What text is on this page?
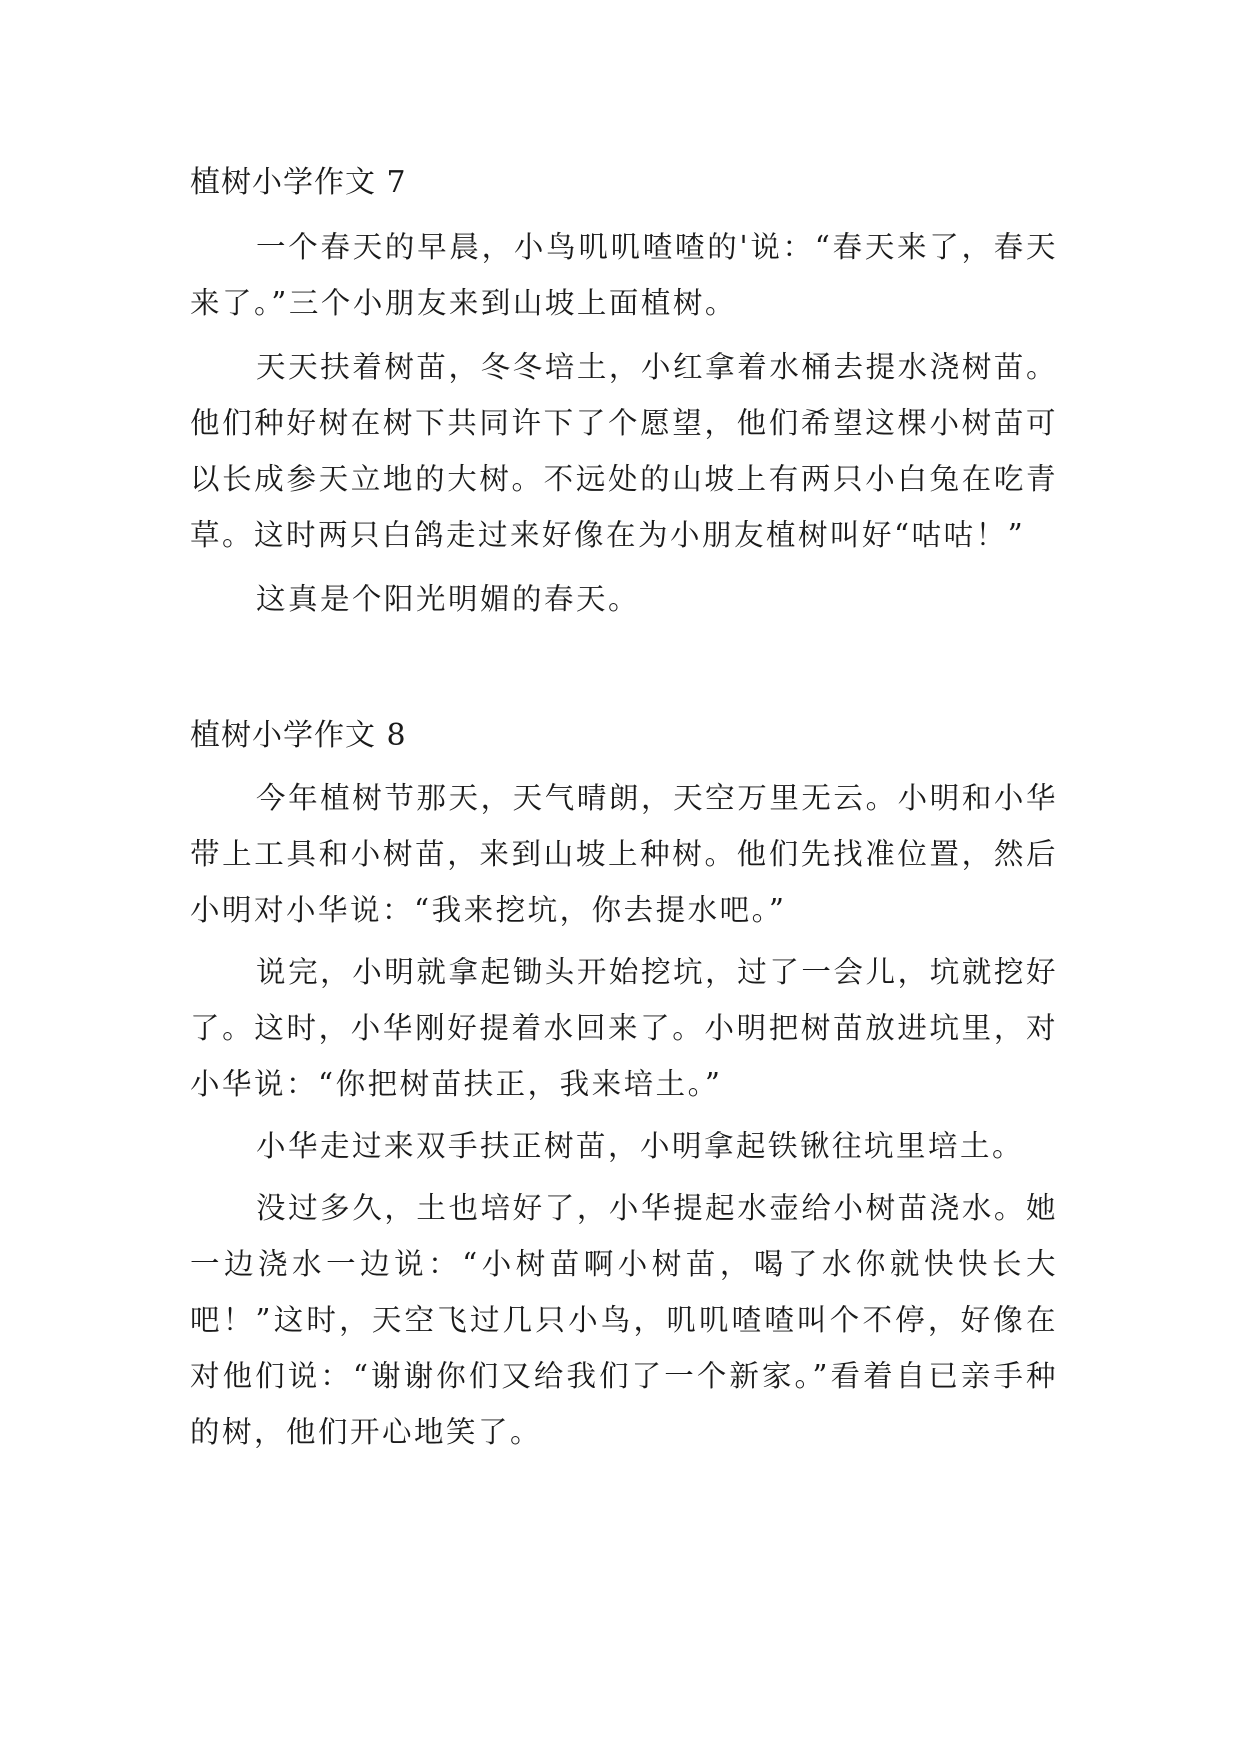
植树小学作文 7

一个春天的早晨，小鸟叽叽喳喳的'说：“春天来了，春天来了。”三个小朋友来到山坡上面植树。

天天扶着树苗，冬冬培土，小红拿着水桶去提水浇树苗。他们种好树在树下共同许下了个愿望，他们希望这棵小树苗可以长成参天立地的大树。不远处的山坡上有两只小白兔在吃青草。这时两只白鸽走过来好像在为小朋友植树叫好“咕咕！”

这真是个阳光明媚的春天。

植树小学作文 8

今年植树节那天，天气晴朗，天空万里无云。小明和小华带上工具和小树苗，来到山坡上种树。他们先找准位置，然后小明对小华说：“我来挖坑，你去提水吧。”

说完，小明就拿起锄头开始挖坑，过了一会儿，坑就挖好了。这时，小华刚好提着水回来了。小明把树苗放进坑里，对小华说：“你把树苗扶正，我来培土。”

小华走过来双手扶正树苗，小明拿起铁锹往坑里培土。

没过多久，土也培好了，小华提起水壶给小树苗浇水。她一边浇水一边说：“小树苗啊小树苗，喝了水你就快快长大吧！”这时，天空飞过几只小鸟，叽叽喳喳叫个不停，好像在对他们说：“谢谢你们又给我们了一个新家。”看着自已亲手种的树，他们开心地笑了。
